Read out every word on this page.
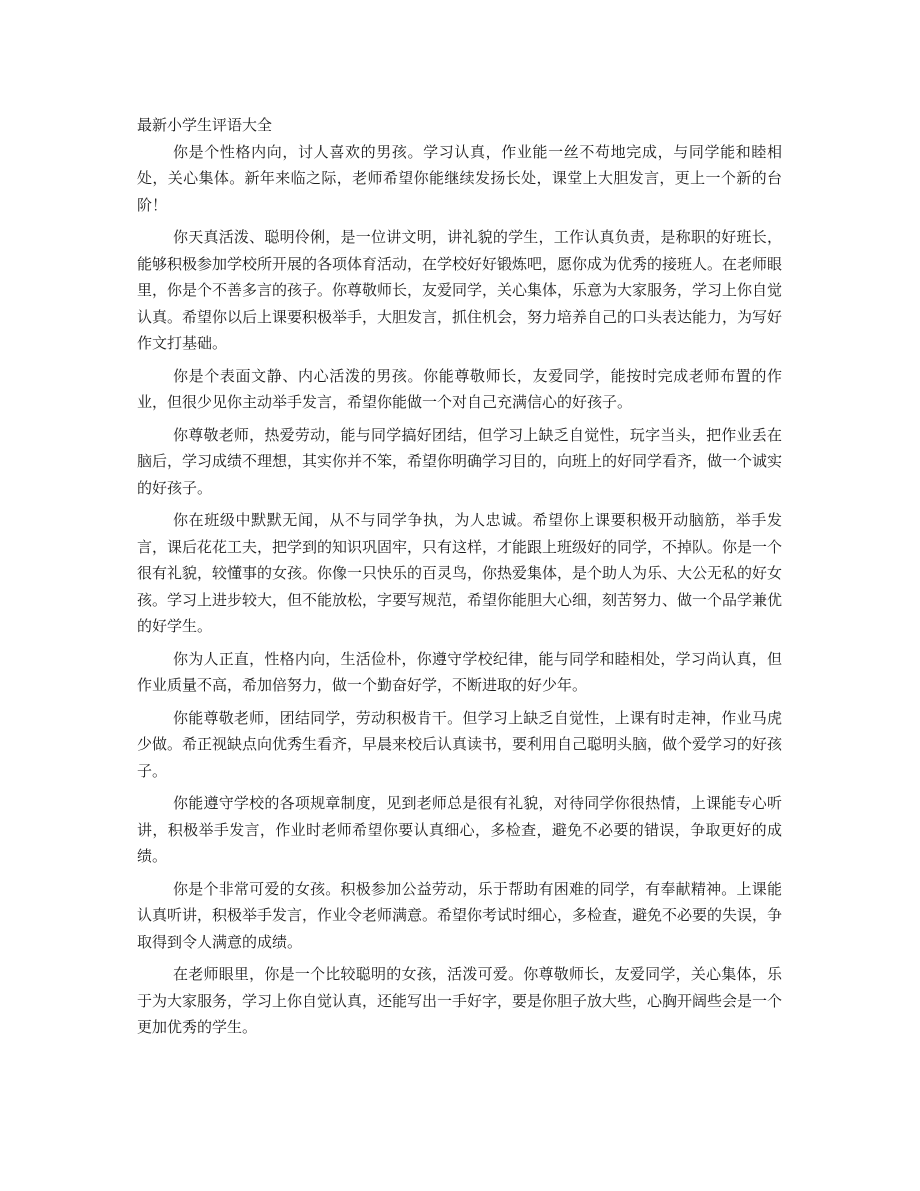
最新小学生评语大全

你是个性格内向，讨人喜欢的男孩。学习认真，作业能一丝不苟地完成，与同学能和睦相处，关心集体。新年来临之际，老师希望你能继续发扬长处，课堂上大胆发言，更上一个新的台阶！

你天真活泼、聪明伶俐，是一位讲文明，讲礼貌的学生，工作认真负责，是称职的好班长，能够积极参加学校所开展的各项体育活动，在学校好好锻炼吧，愿你成为优秀的接班人。在老师眼里，你是个不善多言的孩子。你尊敬师长，友爱同学，关心集体，乐意为大家服务，学习上你自觉认真。希望你以后上课要积极举手，大胆发言，抓住机会，努力培养自己的口头表达能力，为写好作文打基础。

你是个表面文静、内心活泼的男孩。你能尊敬师长，友爱同学，能按时完成老师布置的作业，但很少见你主动举手发言，希望你能做一个对自己充满信心的好孩子。

你尊敬老师，热爱劳动，能与同学搞好团结，但学习上缺乏自觉性，玩字当头，把作业丢在脑后，学习成绩不理想，其实你并不笨，希望你明确学习目的，向班上的好同学看齐，做一个诚实的好孩子。

你在班级中默默无闻，从不与同学争执，为人忠诚。希望你上课要积极开动脑筋，举手发言，课后花花工夫，把学到的知识巩固牢，只有这样，才能跟上班级好的同学，不掉队。你是一个很有礼貌，较懂事的女孩。你像一只快乐的百灵鸟，你热爱集体，是个助人为乐、大公无私的好女孩。学习上进步较大，但不能放松，字要写规范，希望你能胆大心细，刻苦努力、做一个品学兼优的好学生。

你为人正直，性格内向，生活俭朴，你遵守学校纪律，能与同学和睦相处，学习尚认真，但作业质量不高，希加倍努力，做一个勤奋好学，不断进取的好少年。

你能尊敬老师，团结同学，劳动积极肯干。但学习上缺乏自觉性，上课有时走神，作业马虎少做。希正视缺点向优秀生看齐，早晨来校后认真读书，要利用自己聪明头脑，做个爱学习的好孩子。

你能遵守学校的各项规章制度，见到老师总是很有礼貌，对待同学你很热情，上课能专心听讲，积极举手发言，作业时老师希望你要认真细心，多检查，避免不必要的错误，争取更好的成绩。

你是个非常可爱的女孩。积极参加公益劳动，乐于帮助有困难的同学，有奉献精神。上课能认真听讲，积极举手发言，作业令老师满意。希望你考试时细心，多检查，避免不必要的失误，争取得到令人满意的成绩。

在老师眼里，你是一个比较聪明的女孩，活泼可爱。你尊敬师长，友爱同学，关心集体，乐于为大家服务，学习上你自觉认真，还能写出一手好字，要是你胆子放大些，心胸开阔些会是一个更加优秀的学生。
